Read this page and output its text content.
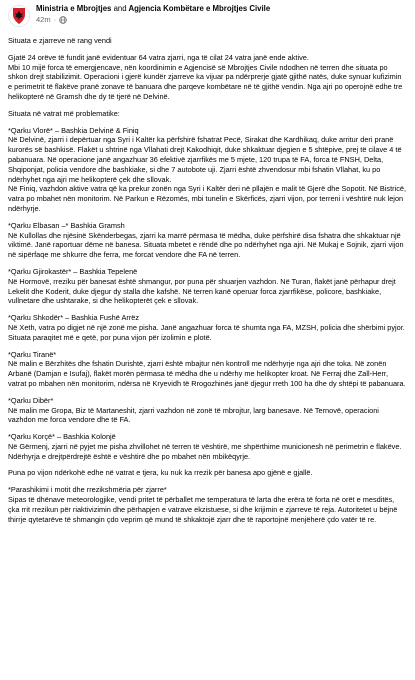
Ministria e Mbrojtjes and Agjencia Kombëtare e Mbrojtjes Civile
42m ·

Situata e zjarreve në rang vendi

Gjatë 24 orëve të fundit janë evidentuar 64 vatra zjarri, nga të cilat 24 vatra janë ende aktive.

Mbi 10 mijë forca të emergjencave, nën koordinimin e Agjencisë së Mbrojtjes Civile ndodhen në terren dhe situata po shkon drejt stabilizimit. Operacioni i gjerë kundër zjarreve ka vijuar pa ndërprerje gjatë gjithë natës, duke synuar kufizimin e perimetrit të flakëve pranë zonave të banuara dhe parqeve kombëtare në të gjithë vendin. Nga ajri po operojnë edhe tre helikopterë në Gramsh dhe dy të tjerë në Delvinë.

Situata në vatrat më problematike:

*Qarku Vlorë* – Bashkia Delvinë & Finiq

Në Delvinë, zjarri i depërtuar nga Syri i Kaltër ka përfshirë fshatrat Pecë, Sirakat dhe Kardhikaq, duke arritur deri pranë kurorës së bashkisë. Flakët u shtrinë nga Vllahati drejt Kakodhiqit, duke shkaktuar djegien e 5 shtëpive, prej të cilave 4 të pabanuara. Në operacione janë angazhuar 36 efektivë zjarrfikës me 5 mjete, 120 trupa të FA, forca të FNSH, Delta, Shqiponjat, policia vendore dhe bashkiake, si dhe 7 autobote uji. Zjarri është zhvendosur mbi fshatin Vllahat, ku po ndërhyhet nga ajri me helikopterë çek dhe sllovak.

Në Finiq, vazhdon aktive vatra që ka prekur zonën nga Syri i Kaltër deri në pllajën e malit të Gjerë dhe Sopotit. Në Bistricë, vatra po mbahet nën monitorim. Në Parkun e Rëzomës, mbi tunelin e Skërficës, zjarri vijon, por terreni i vështirë nuk lejon ndërhyrje.

*Qarku Elbasan –* Bashkia Gramsh

Në Kullollas dhe njësinë Skënderbegas, zjarri ka marrë përmasa të mëdha, duke përfshirë disa fshatra dhe shkaktuar një viktimë. Janë raportuar dëme në banesa. Situata mbetet e rëndë dhe po ndërhyhet nga ajri. Në Mukaj e Sojnik, zjarri vijon në sipërfaqe me shkurre dhe ferra, me forcat vendore dhe FA në terren.

*Qarku Gjirokastër* – Bashkia Tepelenë

Në Hormovë, rreziku për banesat është shmangur, por puna për shuarjen vazhdon. Në Turan, flakët janë përhapur drejt Lekelit dhe Koderit, duke djegur dy stalla dhe kafshë. Në terren kanë operuar forca zjarrfikëse, policore, bashkiake, vullnetare dhe ushtarake, si dhe helikopterët çek e sllovak.

*Qarku Shkodër* – Bashkia Fushë Arrëz

Në Xeth, vatra po digjet në një zonë me pisha. Janë angazhuar forca të shumta nga FA, MZSH, policia dhe shërbimi pyjor. Situata paraqitet më e qetë, por puna vijon për izolimin e plotë.

*Qarku Tiranë*

Në malin e Bërzhitës dhe fshatin Durishtë, zjarri është mbajtur nën kontroll me ndërhyrje nga ajri dhe toka. Në zonën Arbanë (Damjan e Isufaj), flakët morën përmasa të mëdha dhe u ndërhy me helikopter kroat. Në Ferraj dhe Zall-Herr, vatrat po mbahen nën monitorim, ndërsa në Kryevidh të Rrogozhinës janë djegur rreth 100 ha dhe dy shtëpi të pabanuara.

*Qarku Dibër*

Në malin me Gropa, Biz të Martaneshit, zjarri vazhdon në zonë të mbrojtur, larg banesave. Në Ternovë, operacioni vazhdon me forca vendore dhe të FA.

*Qarku Korçë* – Bashkia Kolonjë

Në Gërmenj, zjarri në pyjet me pisha zhvillohet në terren të vështirë, me shpërthime municionesh në perimetrin e flakëve. Ndërhyrja e drejtpërdrejtë është e vështirë dhe po mbahet nën mbikëqyrje.

Puna po vijon ndërkohë edhe në vatrat e tjera, ku nuk ka rrezik për banesa apo gjënë e gjallë.

*Parashikimi i motit dhe rrezikshmëria për zjarre*

Sipas të dhënave meteorologjike, vendi pritet të përballet me temperatura të larta dhe erëra të forta në orët e mesditës, çka rrit rrezikun për riaktivizimin dhe përhapjen e vatrave ekzistuese, si dhe krijimin e zjarreve të reja. Autoritetet u bëjnë thirrje qytetarëve të shmangin çdo veprim që mund të shkaktojë zjarr dhe të raportojnë menjëherë çdo vatër të re.
